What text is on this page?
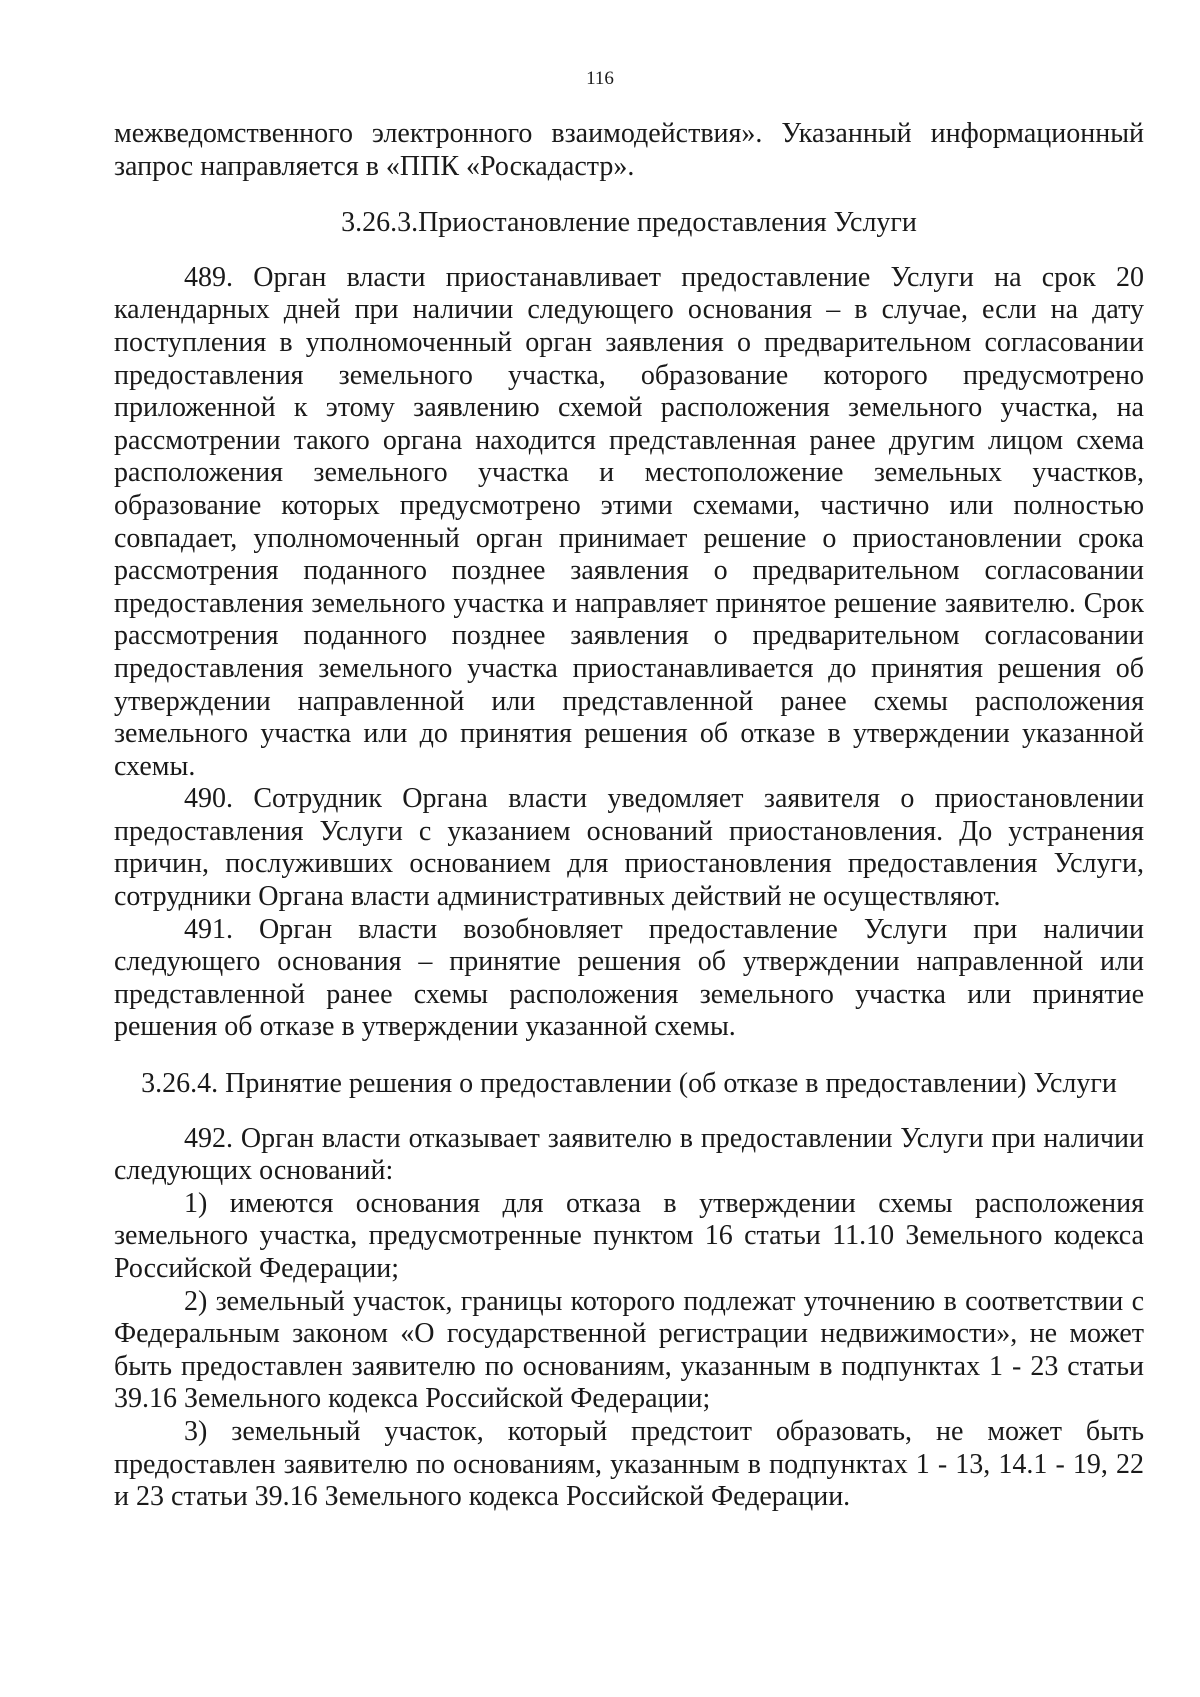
116

межведомственного электронного взаимодействия». Указанный информационный запрос направляется в «ППК «Роскадастр».

3.26.3.Приостановление предоставления Услуги

489. Орган власти приостанавливает предоставление Услуги на срок 20 календарных дней при наличии следующего основания – в случае, если на дату поступления в уполномоченный орган заявления о предварительном согласовании предоставления земельного участка, образование которого предусмотрено приложенной к этому заявлению схемой расположения земельного участка, на рассмотрении такого органа находится представленная ранее другим лицом схема расположения земельного участка и местоположение земельных участков, образование которых предусмотрено этими схемами, частично или полностью совпадает, уполномоченный орган принимает решение о приостановлении срока рассмотрения поданного позднее заявления о предварительном согласовании предоставления земельного участка и направляет принятое решение заявителю. Срок рассмотрения поданного позднее заявления о предварительном согласовании предоставления земельного участка приостанавливается до принятия решения об утверждении направленной или представленной ранее схемы расположения земельного участка или до принятия решения об отказе в утверждении указанной схемы.

490. Сотрудник Органа власти уведомляет заявителя о приостановлении предоставления Услуги с указанием оснований приостановления. До устранения причин, послуживших основанием для приостановления предоставления Услуги, сотрудники Органа власти административных действий не осуществляют.

491. Орган власти возобновляет предоставление Услуги при наличии следующего основания – принятие решения об утверждении направленной или представленной ранее схемы расположения земельного участка или принятие решения об отказе в утверждении указанной схемы.

3.26.4. Принятие решения о предоставлении (об отказе в предоставлении) Услуги

492. Орган власти отказывает заявителю в предоставлении Услуги при наличии следующих оснований:

1) имеются основания для отказа в утверждении схемы расположения земельного участка, предусмотренные пунктом 16 статьи 11.10 Земельного кодекса Российской Федерации;

2) земельный участок, границы которого подлежат уточнению в соответствии с Федеральным законом «О государственной регистрации недвижимости», не может быть предоставлен заявителю по основаниям, указанным в подпунктах 1 - 23 статьи 39.16 Земельного кодекса Российской Федерации;

3) земельный участок, который предстоит образовать, не может быть предоставлен заявителю по основаниям, указанным в подпунктах 1 - 13, 14.1 - 19, 22 и 23 статьи 39.16 Земельного кодекса Российской Федерации.
